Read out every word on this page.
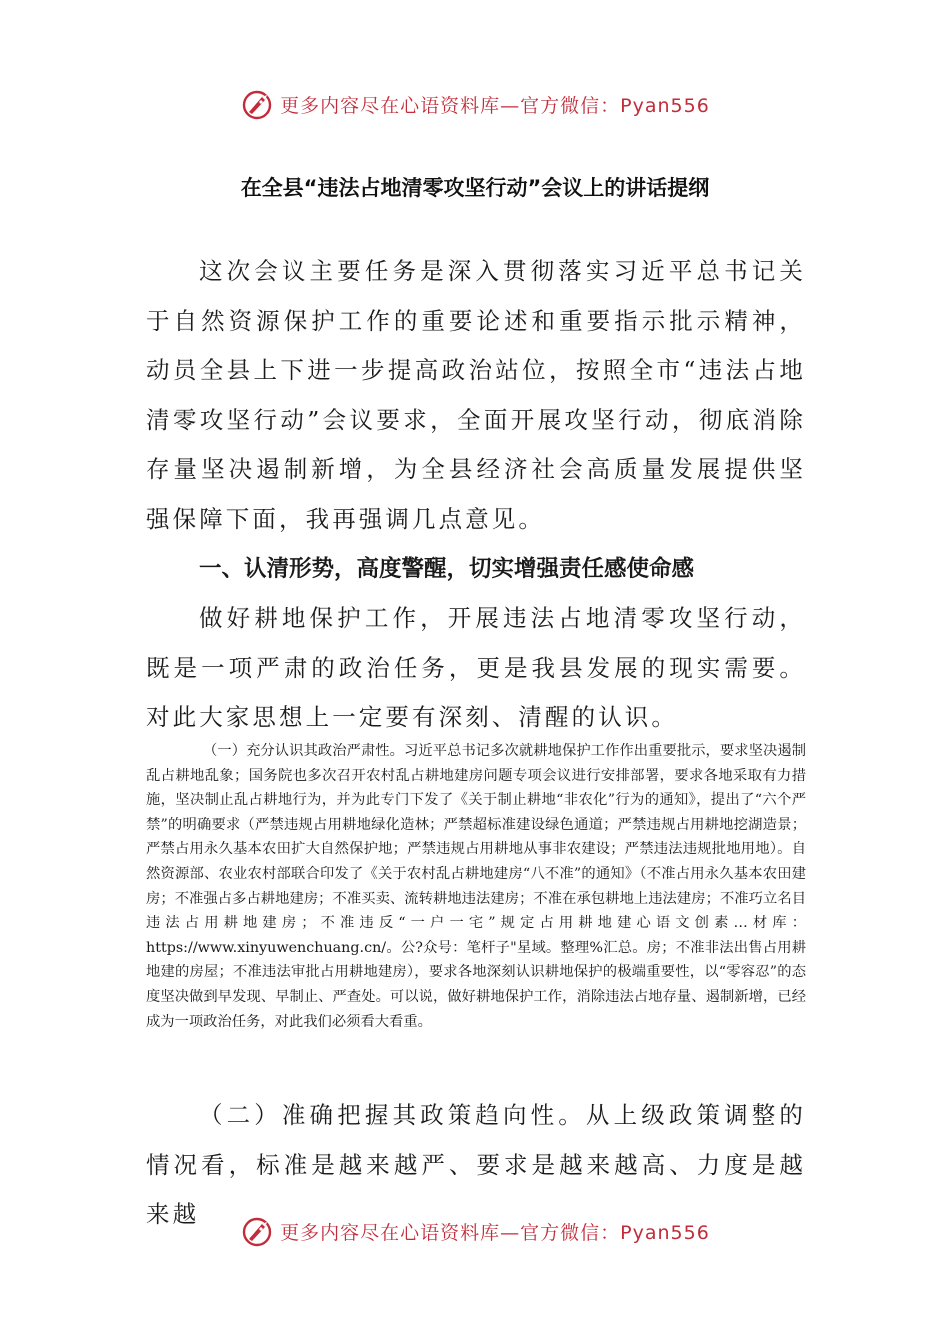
更多内容尽在心语资料库—官方微信：Pyan556
在全县“违法占地清零攻坚行动”会议上的讲话提纲

这次会议主要任务是深入贯彻落实习近平总书记关于自然资源保护工作的重要论述和重要指示批示精神，动员全县上下进一步提高政治站位，按照全市“违法占地清零攻坚行动”会议要求，全面开展攻坚行动，彻底消除存量坚决遏制新增，为全县经济社会高质量发展提供坚强保障下面，我再强调几点意见。

一、认清形势，高度警醒，切实增强责任感使命感

做好耕地保护工作，开展违法占地清零攻坚行动，既是一项严肃的政治任务，更是我县发展的现实需要。对此大家思想上一定要有深刻、清醒的认识。

（一）充分认识其政治严肃性。习近平总书记多次就耕地保护工作作出重要批示，要求坚决遏制乱占耕地乱象；国务院也多次召开农村乱占耕地建房问题专项会议进行安排部署，要求各地采取有力措施，坚决制止乱占耕地行为，并为此专门下发了《关于制止耕地“非农化”行为的通知》，提出了“六个严禁”的明确要求（严禁违规占用耕地绿化造林；严禁超标准建设绿色通道；严禁违规占用耕地挖湖造景；严禁占用永久基本农田扩大自然保护地；严禁违规占用耕地从事非农建设；严禁违法违规批地用地）。自然资源部、农业农村部联合印发了《关于农村乱占耕地建房“八不准”的通知》（不准占用永久基本农田建房；不准强占多占耕地建房；不准买卖、流转耕地违法建房；不准在承包耕地上违法建房；不准巧立名目违法占用耕地建房；不准违反“一户一宅”规定占用耕地建心语文创素…材库：https://www.xinyuwenchuang.cn/。公?众号：笔杆子"星域。整理%汇总。房；不准非法出售占用耕地建的房屋；不准违法审批占用耕地建房），要求各地深刻认识耕地保护的极端重要性，以“零容忍”的态度坚决做到早发现、早制止、严查处。可以说，做好耕地保护工作，消除违法占地存量、遏制新增，已经成为一项政治任务，对此我们必须看大看重。

（二）准确把握其政策趋向性。从上级政策调整的情况看，标准是越来越严、要求是越来越高、力度是越来越

更多内容尽在心语资料库—官方微信：Pyan556
